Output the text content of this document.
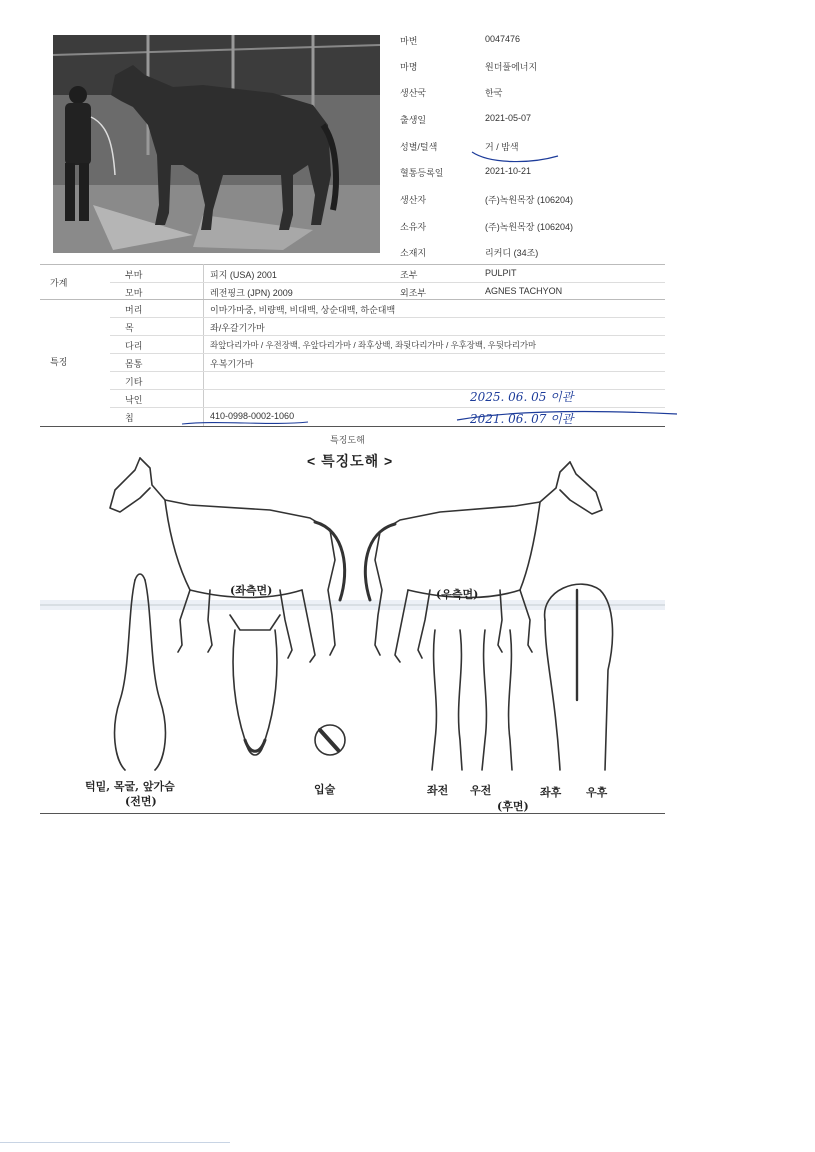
마번	0047476
마명	원더풀에너지
생산국	한국
출생일	2021-05-07
성별/털색	거 / 밤색
혈통등록일	2021-10-21
생산자	(주)녹원목장 (106204)
소유자	(주)녹원목장 (106204)
소재지	리커디 (34조)
가계
부마	피지 (USA) 2001	조부	PULPIT
모마	레전핑크 (JPN) 2009	외조부	AGNES TACHYON
특징
머리	이마가마중, 비량백, 비대백, 상순대백, 하순대백
목	좌/우갈기가마
다리	좌앞다리가마 / 우전장백, 우앞다리가마 / 좌후상백, 좌뒷다리가마 / 우후장백, 우뒷다리가마
몸통	우복기가마
기타
낙인
칩	410-0998-0002-1060
2025. 06. 05 이관
2021. 06. 07 이관
특징도해
< 특징도해 >
(좌측면)	(우측면)
턱밑, 목굴, 앞가슴
(전면)
입술	좌전 우전	좌후 우후
(후면)
